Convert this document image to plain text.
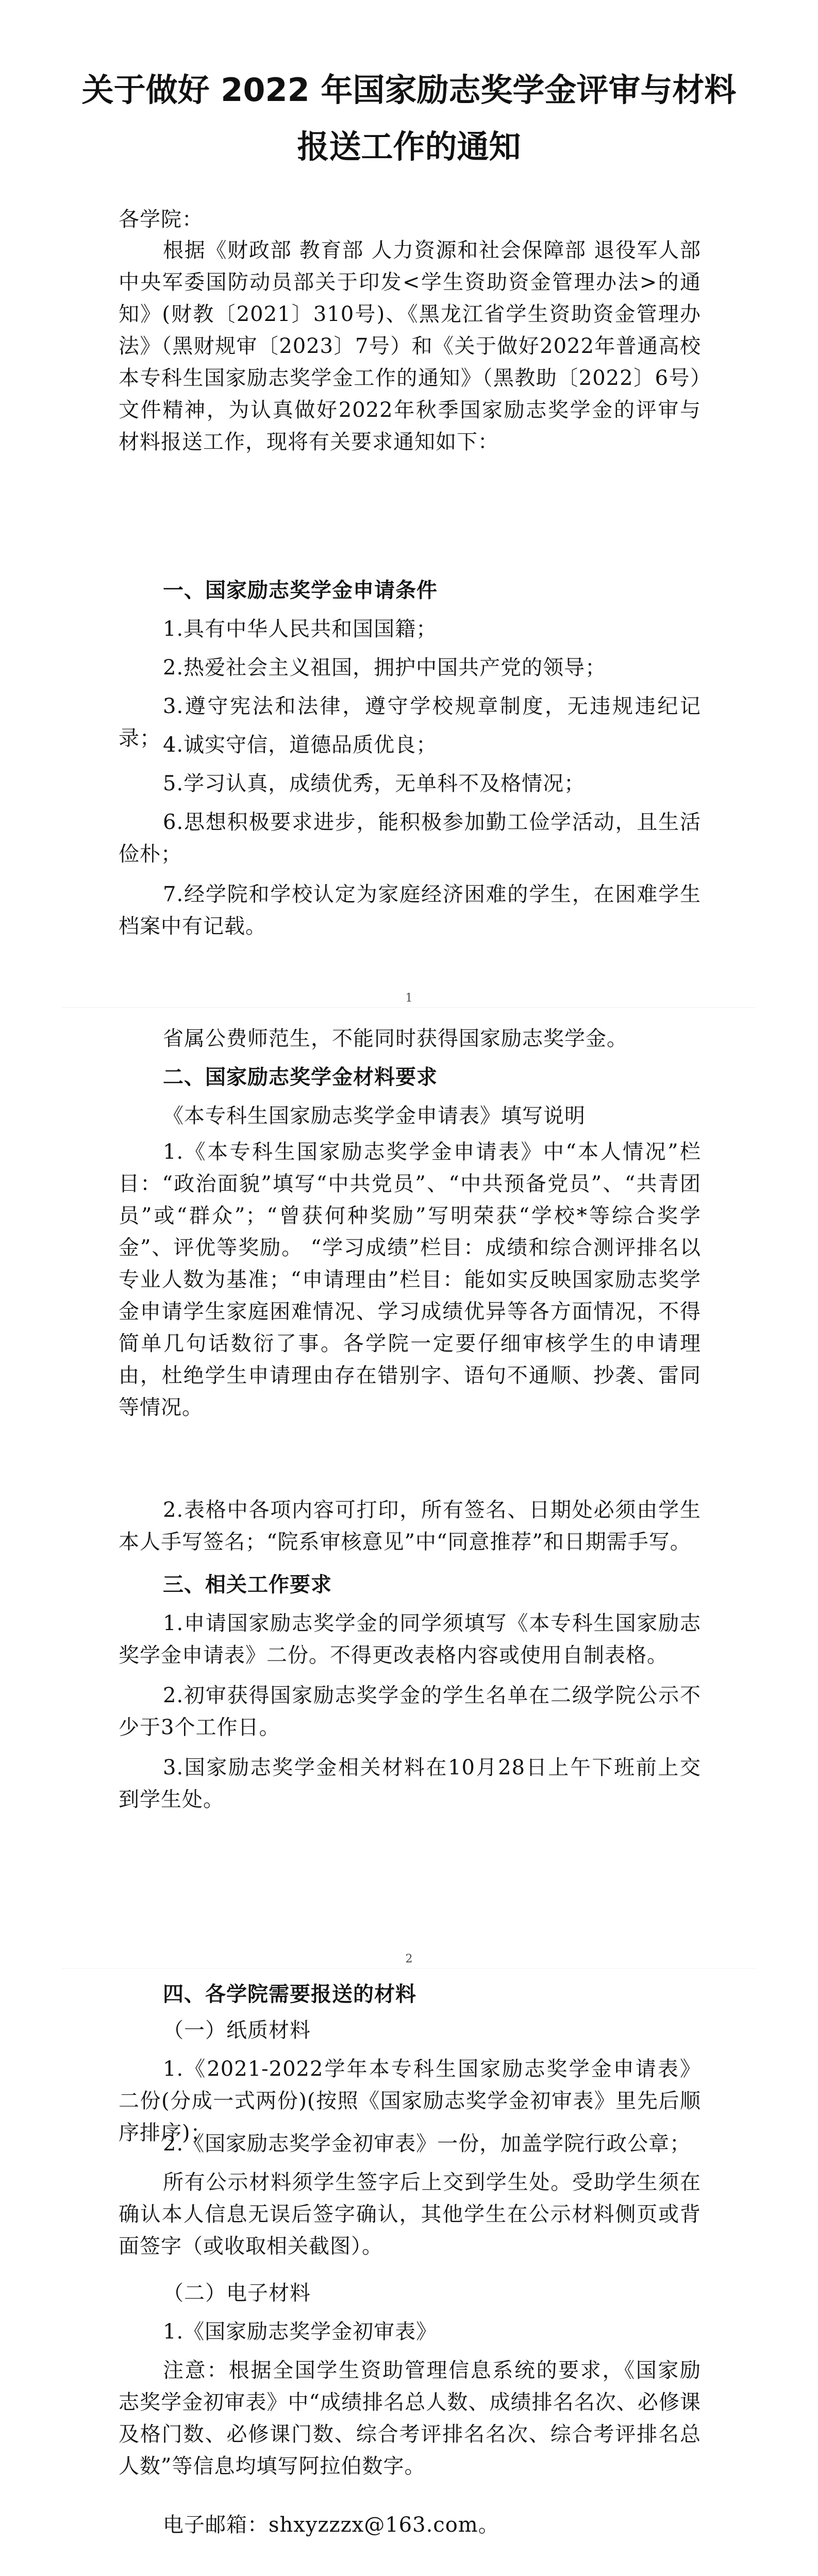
关于做好 2022 年国家励志奖学金评审与材料
报送工作的通知

各学院：

根据《财政部 教育部 人力资源和社会保障部 退役军人部中央军委国防动员部关于印发<学生资助资金管理办法>的通知》(财教〔2021〕310号)、《黑龙江省学生资助资金管理办法》（黑财规审〔2023〕7号）和《关于做好2022年普通高校本专科生国家励志奖学金工作的通知》（黑教助〔2022〕6号）文件精神，为认真做好2022年秋季国家励志奖学金的评审与材料报送工作，现将有关要求通知如下：

一、国家励志奖学金申请条件

1.具有中华人民共和国国籍；

2.热爱社会主义祖国，拥护中国共产党的领导；

3.遵守宪法和法律，遵守学校规章制度，无违规违纪记录； 4.诚实守信，道德品质优良；

5.学习认真，成绩优秀，无单科不及格情况；

6.思想积极要求进步，能积极参加勤工俭学活动，且生活俭朴；

7.经学院和学校认定为家庭经济困难的学生，在困难学生档案中有记载。

1

省属公费师范生，不能同时获得国家励志奖学金。

二、国家励志奖学金材料要求

《本专科生国家励志奖学金申请表》填写说明

1.《本专科生国家励志奖学金申请表》中“本人情况”栏目：“政治面貌”填写“中共党员”、“中共预备党员”、“共青团员”或“群众”；“曾获何种奖励”写明荣获“学校*等综合奖学金”、评优等奖励。 “学习成绩”栏目：成绩和综合测评排名以专业人数为基准；“申请理由”栏目：能如实反映国家励志奖学金申请学生家庭困难情况、学习成绩优异等各方面情况，不得简单几句话数衍了事。各学院一定要仔细审核学生的申请理由，杜绝学生申请理由存在错别字、语句不通顺、抄袭、雷同等情况。

2.表格中各项内容可打印，所有签名、日期处必须由学生本人手写签名；“院系审核意见”中“同意推荐”和日期需手写。

三、相关工作要求

1.申请国家励志奖学金的同学须填写《本专科生国家励志奖学金申请表》二份。不得更改表格内容或使用自制表格。

2.初审获得国家励志奖学金的学生名单在二级学院公示不少于3个工作日。

3.国家励志奖学金相关材料在10月28日上午下班前上交到学生处。

2

四、各学院需要报送的材料

（一）纸质材料

1.《2021-2022学年本专科生国家励志奖学金申请表》二份(分成一式两份)(按照《国家励志奖学金初审表》里先后顺序排序)；

2.《国家励志奖学金初审表》一份，加盖学院行政公章；

所有公示材料须学生签字后上交到学生处。受助学生须在确认本人信息无误后签字确认，其他学生在公示材料侧页或背面签字（或收取相关截图）。

（二）电子材料

1.《国家励志奖学金初审表》

注意：根据全国学生资助管理信息系统的要求，《国家励志奖学金初审表》中“成绩排名总人数、成绩排名名次、必修课及格门数、必修课门数、综合考评排名名次、综合考评排名总人数”等信息均填写阿拉伯数字。

电子邮箱：shxyzzzx@163.com。
